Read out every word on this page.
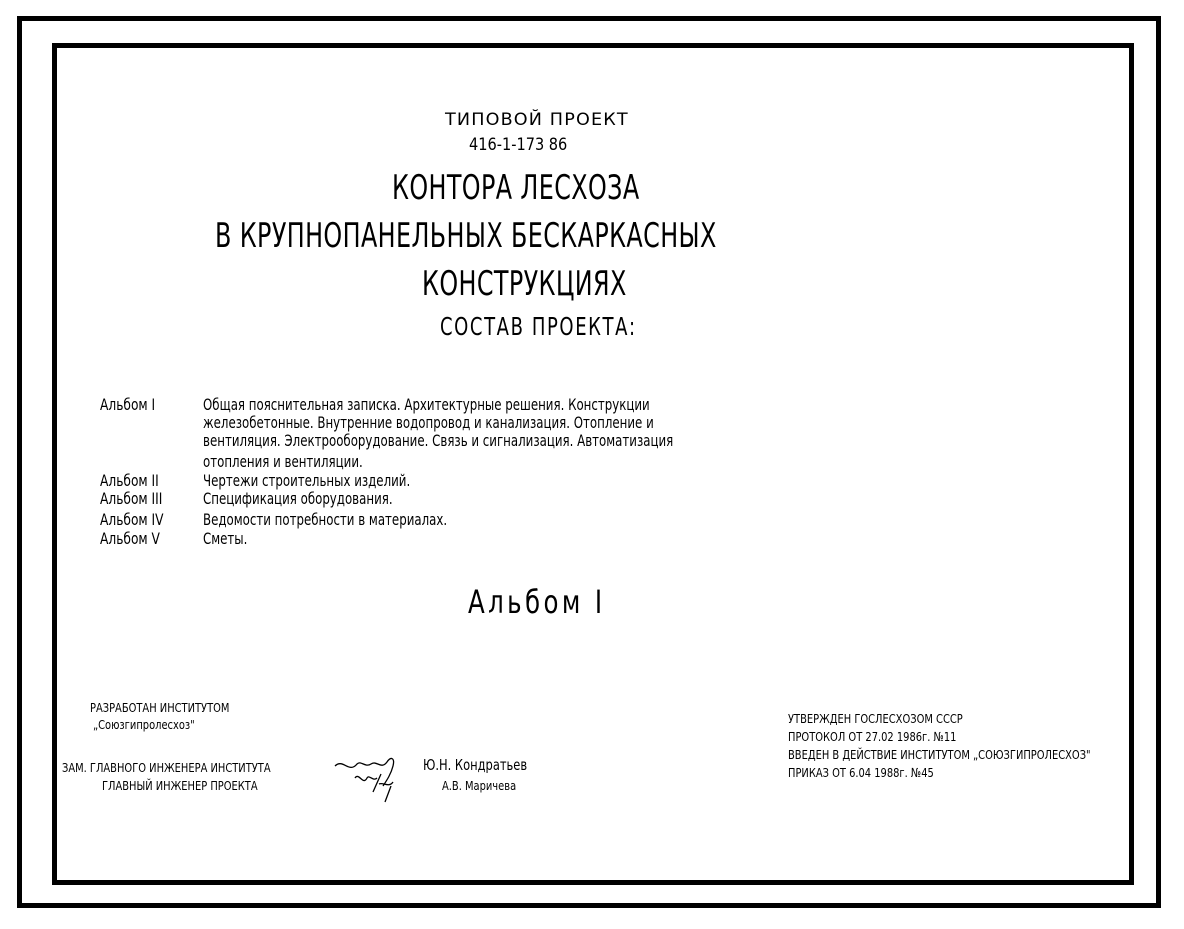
ТИПОВОЙ ПРОЕКТ
416-1-173 86
КОНТОРА ЛЕСХОЗА
В КРУПНОПАНЕЛЬНЫХ БЕСКАРКАСНЫХ
КОНСТРУКЦИЯХ
СОСТАВ ПРОЕКТА:
Альбом I	Общая пояснительная записка. Архитектурные решения. Конструкции
железобетонные. Внутренние водопровод и канализация. Отопление и
вентиляция. Электрооборудование. Связь и сигнализация. Автоматизация
отопления и вентиляции.
Альбом II	Чертежи строительных изделий.
Альбом III	Спецификация оборудования.
Альбом IV	Ведомости потребности в материалах.
Альбом V	Сметы.
Альбом I
РАЗРАБОТАН ИНСТИТУТОМ
„Союзгипролесхоз"
ЗАМ. ГЛАВНОГО ИНЖЕНЕРА ИНСТИТУТА
ГЛАВНЫЙ ИНЖЕНЕР ПРОЕКТА
Ю.Н. Кондратьев
А.В. Маричева
УТВЕРЖДЕН ГОСЛЕСХОЗОМ СССР
ПРОТОКОЛ ОТ 27.02 1986г. №11
ВВЕДЕН В ДЕЙСТВИЕ ИНСТИТУТОМ „СОЮЗГИПРОЛЕСХОЗ"
ПРИКАЗ ОТ 6.04 1988г. №45
